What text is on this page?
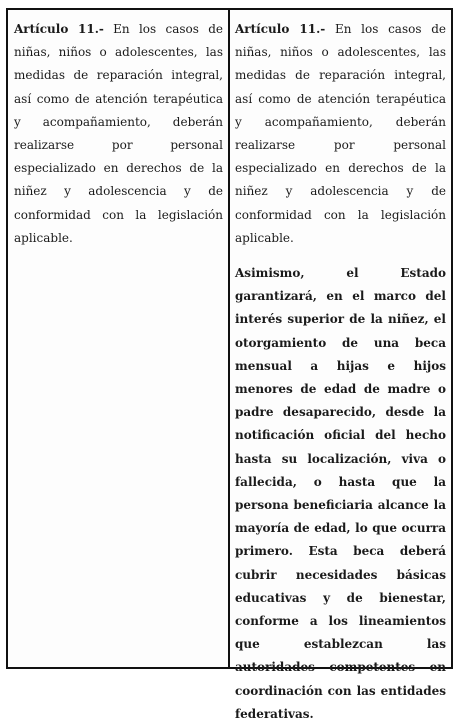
Artículo 11.- En los casos de niñas, niños o adolescentes, las medidas de reparación integral, así como de atención terapéutica y acompañamiento, deberán realizarse por personal especializado en derechos de la niñez y adolescencia y de conformidad con la legislación aplicable.

Artículo 11.- En los casos de niñas, niños o adolescentes, las medidas de reparación integral, así como de atención terapéutica y acompañamiento, deberán realizarse por personal especializado en derechos de la niñez y adolescencia y de conformidad con la legislación aplicable.

Asimismo, el Estado garantizará, en el marco del interés superior de la niñez, el otorgamiento de una beca mensual a hijas e hijos menores de edad de madre o padre desaparecido, desde la notificación oficial del hecho hasta su localización, viva o fallecida, o hasta que la persona beneficiaria alcance la mayoría de edad, lo que ocurra primero. Esta beca deberá cubrir necesidades básicas educativas y de bienestar, conforme a los lineamientos que establezcan las autoridades competentes en coordinación con las entidades federativas.
